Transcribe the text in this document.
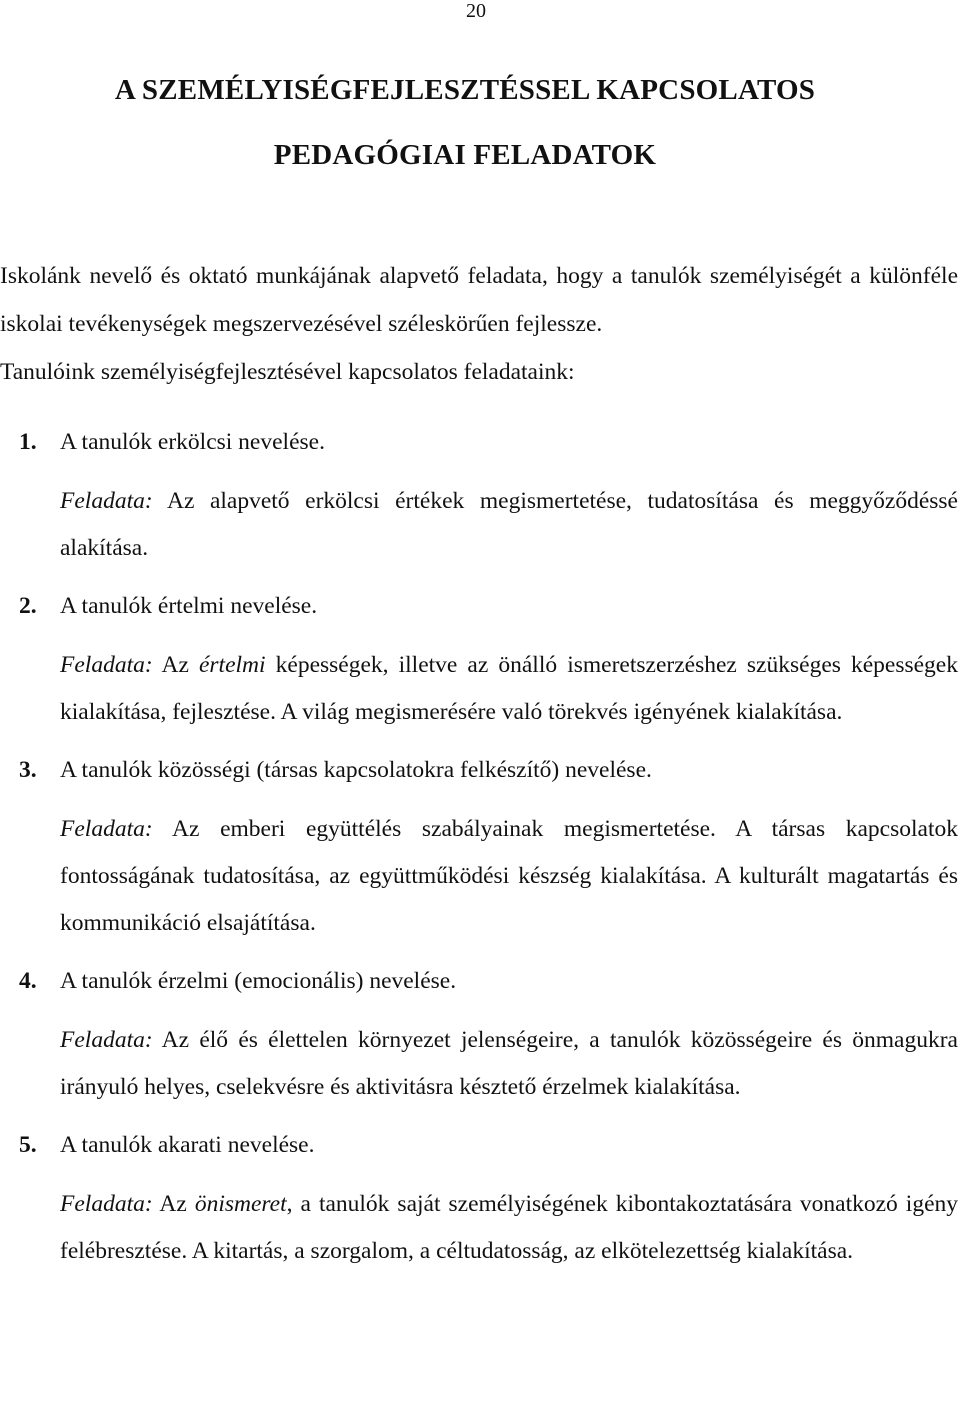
20
A SZEMÉLYISÉGFEJLESZTÉSSEL KAPCSOLATOS
PEDAGÓGIAI FELADATOK

Iskolánk nevelő és oktató munkájának alapvető feladata, hogy a tanulók személyiségét a különféle iskolai tevékenységek megszervezésével széleskörűen fejlessze.

Tanulóink személyiségfejlesztésével kapcsolatos feladataink:

1. A tanulók erkölcsi nevelése.

Feladata: Az alapvető erkölcsi értékek megismertetése, tudatosítása és meggyőződéssé alakítása.

2. A tanulók értelmi nevelése.

Feladata: Az értelmi képességek, illetve az önálló ismeretszerzéshez szükséges képességek kialakítása, fejlesztése. A világ megismerésére való törekvés igényének kialakítása.

3. A tanulók közösségi (társas kapcsolatokra felkészítő) nevelése.

Feladata: Az emberi együttélés szabályainak megismertetése. A társas kapcsolatok fontosságának tudatosítása, az együttműködési készség kialakítása. A kulturált magatartás és kommunikáció elsajátítása.

4. A tanulók érzelmi (emocionális) nevelése.

Feladata: Az élő és élettelen környezet jelenségeire, a tanulók közösségeire és önmagukra irányuló helyes, cselekvésre és aktivitásra késztető érzelmek kialakítása.

5. A tanulók akarati nevelése.

Feladata: Az önismeret, a tanulók saját személyiségének kibontakoztatására vonatkozó igény felébresztése. A kitartás, a szorgalom, a céltudatosság, az elkötelezettség kialakítása.
